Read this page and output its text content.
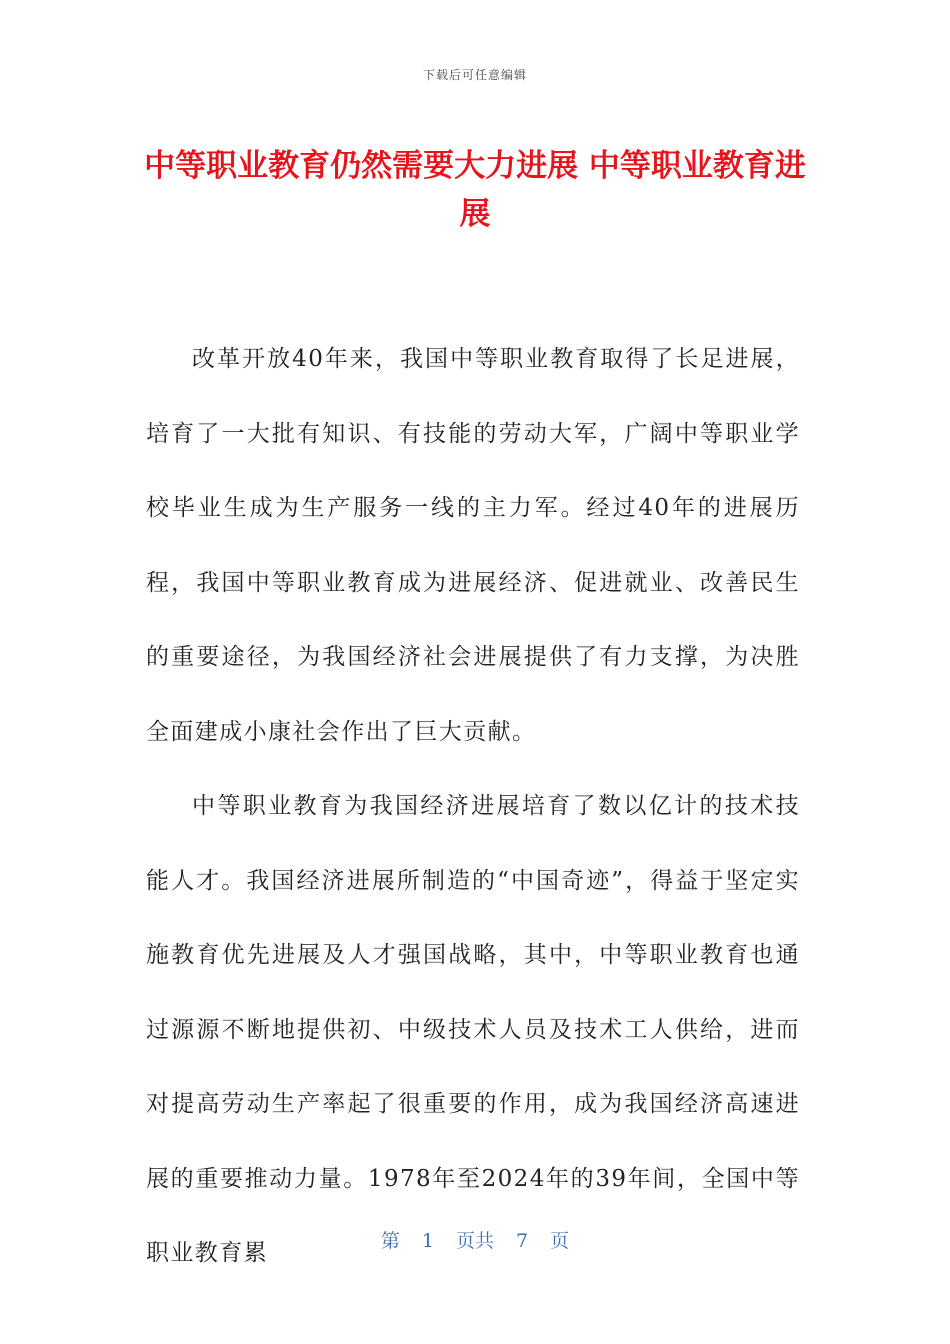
下载后可任意编辑
中等职业教育仍然需要大力进展 中等职业教育进展

改革开放40年来，我国中等职业教育取得了长足进展，培育了一大批有知识、有技能的劳动大军，广阔中等职业学校毕业生成为生产服务一线的主力军。经过40年的进展历程，我国中等职业教育成为进展经济、促进就业、改善民生的重要途径，为我国经济社会进展提供了有力支撑，为决胜全面建成小康社会作出了巨大贡献。

中等职业教育为我国经济进展培育了数以亿计的技术技能人才。我国经济进展所制造的“中国奇迹”，得益于坚定实施教育优先进展及人才强国战略，其中，中等职业教育也通过源源不断地提供初、中级技术人员及技术工人供给，进而对提高劳动生产率起了很重要的作用，成为我国经济高速进展的重要推动力量。1978年至2024年的39年间，全国中等职业教育累	第 1 页共 7 页
